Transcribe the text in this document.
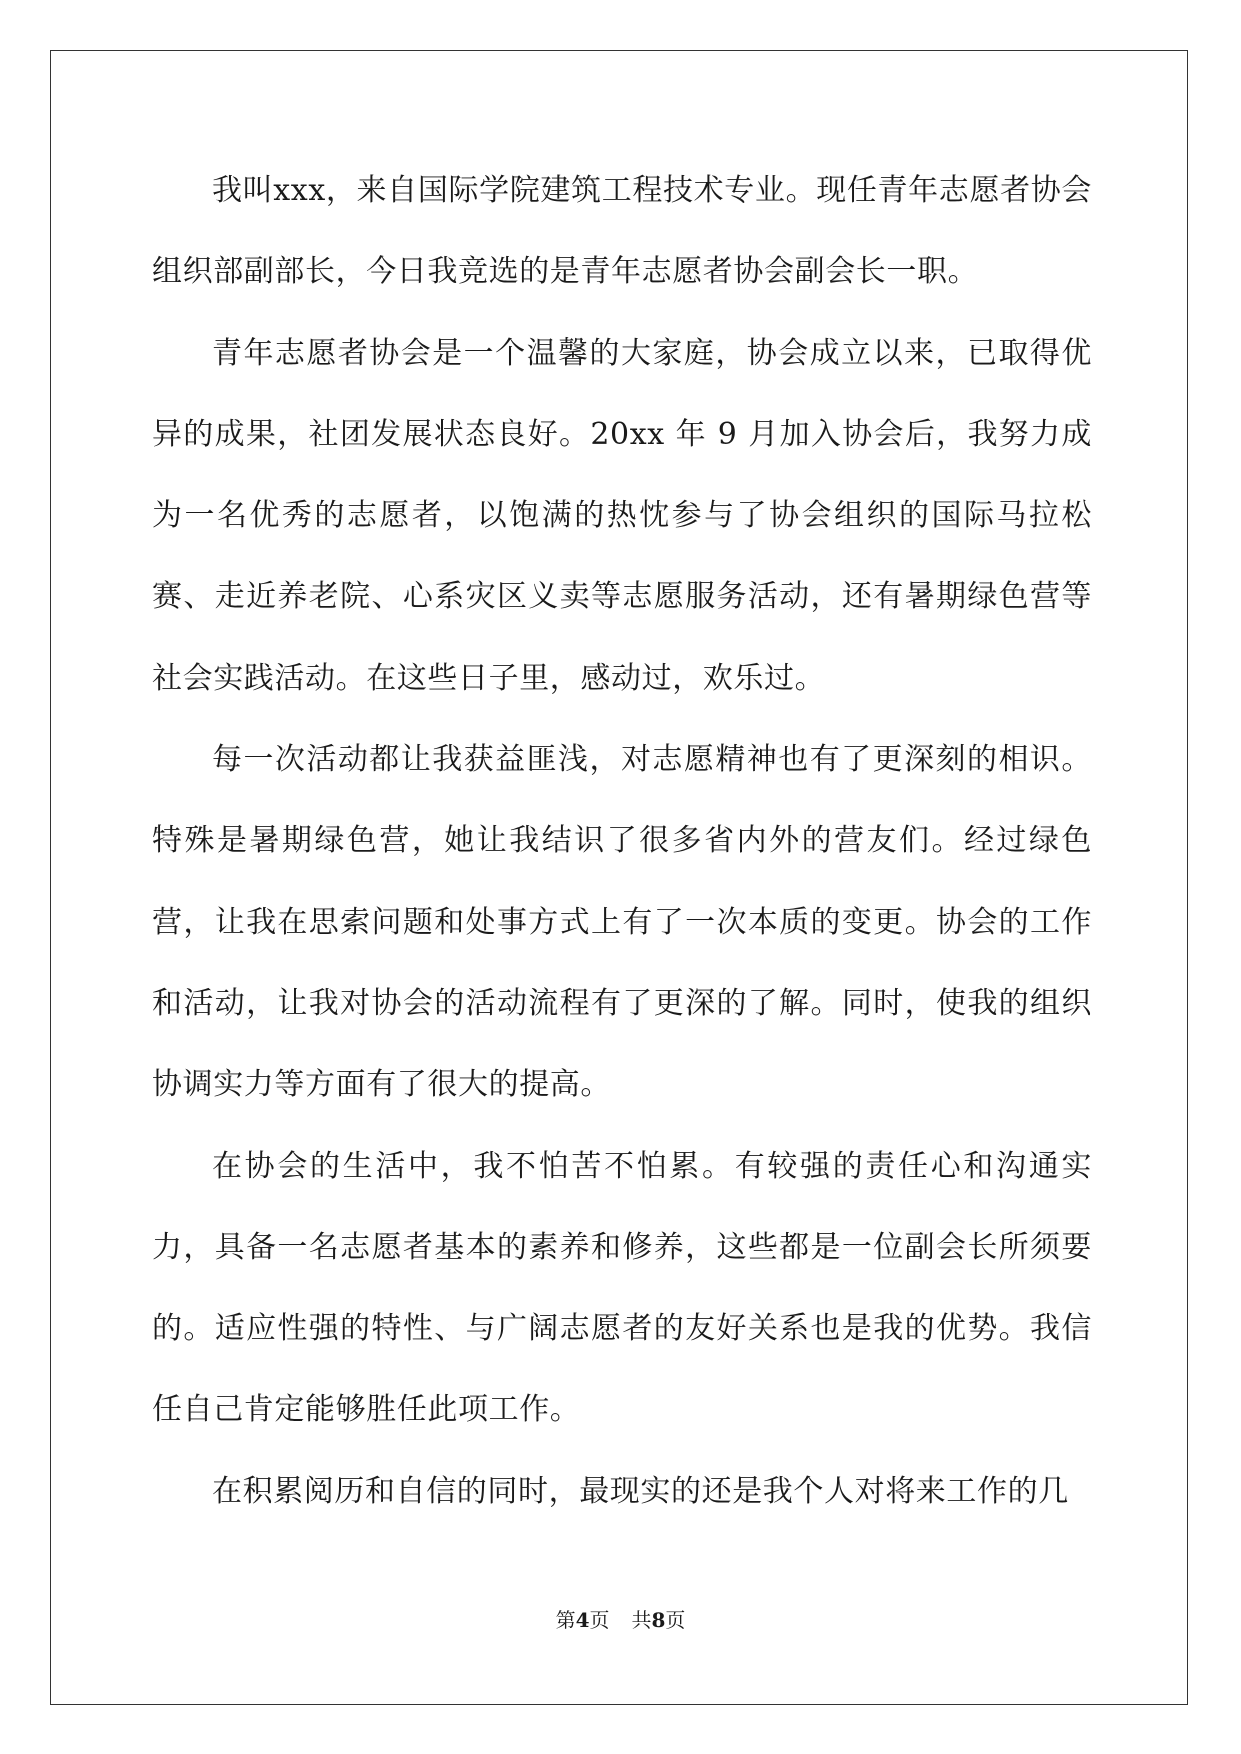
我叫xxx，来自国际学院建筑工程技术专业。现任青年志愿者协会组织部副部长，今日我竞选的是青年志愿者协会副会长一职。

青年志愿者协会是一个温馨的大家庭，协会成立以来，已取得优异的成果，社团发展状态良好。20xx 年 9 月加入协会后，我努力成为一名优秀的志愿者，以饱满的热忱参与了协会组织的国际马拉松赛、走近养老院、心系灾区义卖等志愿服务活动，还有暑期绿色营等社会实践活动。在这些日子里，感动过，欢乐过。

每一次活动都让我获益匪浅，对志愿精神也有了更深刻的相识。特殊是暑期绿色营，她让我结识了很多省内外的营友们。经过绿色营，让我在思索问题和处事方式上有了一次本质的变更。协会的工作和活动，让我对协会的活动流程有了更深的了解。同时，使我的组织协调实力等方面有了很大的提高。

在协会的生活中，我不怕苦不怕累。有较强的责任心和沟通实力，具备一名志愿者基本的素养和修养，这些都是一位副会长所须要的。适应性强的特性、与广阔志愿者的友好关系也是我的优势。我信任自己肯定能够胜任此项工作。

在积累阅历和自信的同时，最现实的还是我个人对将来工作的几

第4页 共8页
